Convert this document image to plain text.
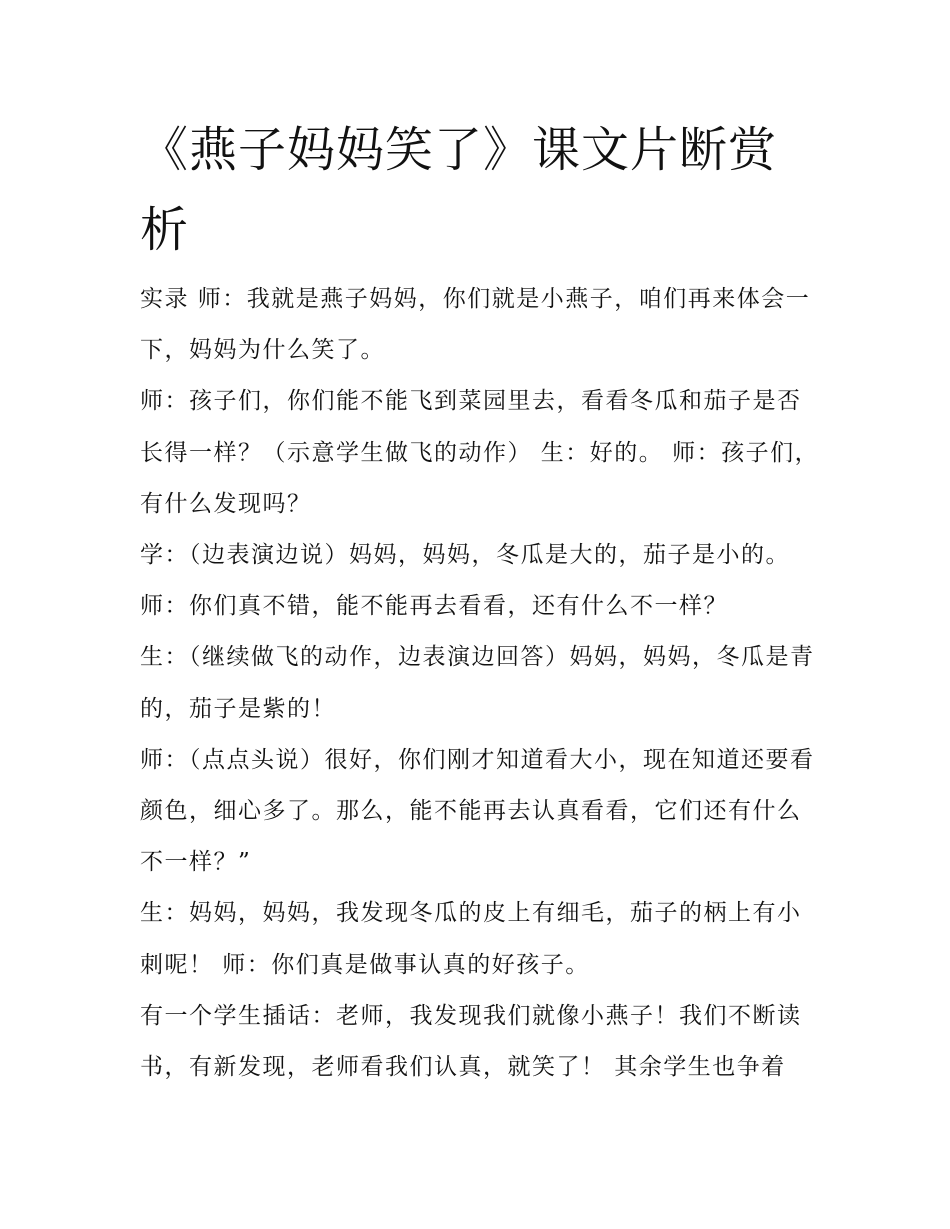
《燕子妈妈笑了》课文片断赏析

实录 师：我就是燕子妈妈，你们就是小燕子，咱们再来体会一下，妈妈为什么笑了。

师：孩子们，你们能不能飞到菜园里去，看看冬瓜和茄子是否长得一样？（示意学生做飞的动作） 生：好的。 师：孩子们，有什么发现吗？

学：（边表演边说）妈妈，妈妈，冬瓜是大的，茄子是小的。

师：你们真不错，能不能再去看看，还有什么不一样？

生：（继续做飞的动作，边表演边回答）妈妈，妈妈，冬瓜是青的，茄子是紫的！

师：（点点头说）很好，你们刚才知道看大小，现在知道还要看颜色，细心多了。那么，能不能再去认真看看，它们还有什么不一样？”

生：妈妈，妈妈，我发现冬瓜的皮上有细毛，茄子的柄上有小刺呢！ 师：你们真是做事认真的好孩子。

有一个学生插话：老师，我发现我们就像小燕子！我们不断读书，有新发现，老师看我们认真，就笑了！ 其余学生也争着
